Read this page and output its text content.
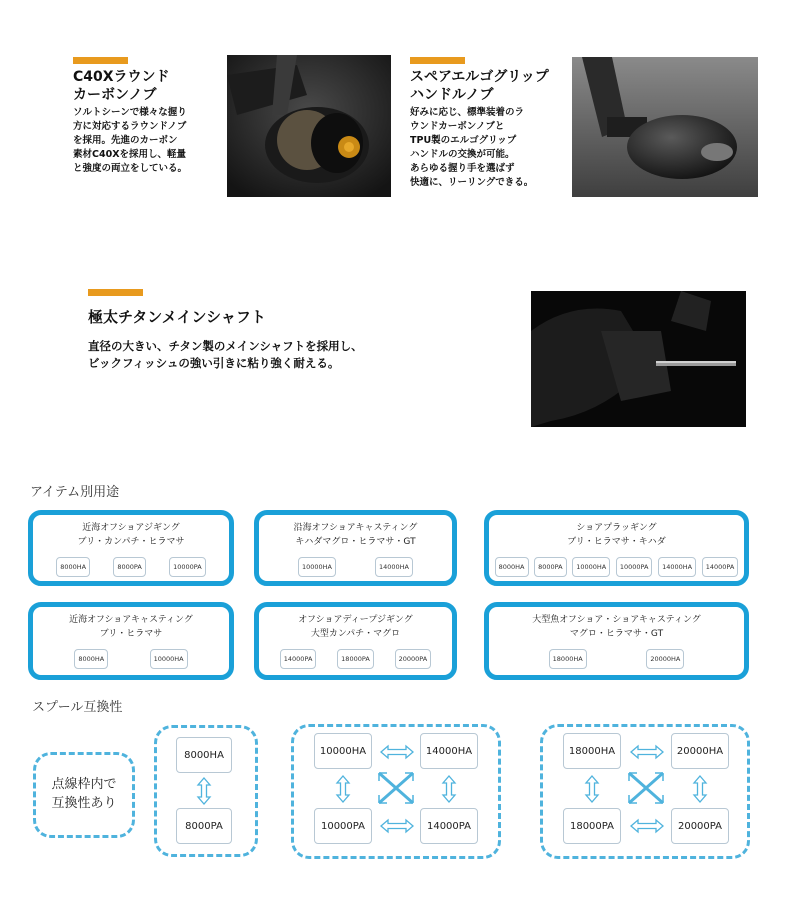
C40Xラウンド
カーボンノブ
ソルトシーンで様々な握り
方に対応するラウンドノブ
を採用。先進のカーボン
素材C40Xを採用し、軽量
と強度の両立をしている。
スペアエルゴグリップ
ハンドルノブ
好みに応じ、標準装着のラ
ウンドカーボンノブと
TPU製のエルゴグリップ
ハンドルの交換が可能。
あらゆる握り手を選ばず
快適に、リーリングできる。
極太チタンメインシャフト
直径の大きい、チタン製のメインシャフトを採用し、
ビックフィッシュの強い引きに粘り強く耐える。
アイテム別用途
近海オフショアジギング
ブリ・カンパチ・ヒラマサ
8000HA	8000PA	10000PA
沿海オフショアキャスティング
キハダマグロ・ヒラマサ・GT
10000HA	14000HA
ショアプラッギング
ブリ・ヒラマサ・キハダ
8000HA	8000PA	10000HA	10000PA	14000HA	14000PA
近海オフショアキャスティング
ブリ・ヒラマサ
8000HA	10000HA
オフショアディープジギング
大型カンパチ・マグロ
14000PA	18000PA	20000PA
大型魚オフショア・ショアキャスティング
マグロ・ヒラマサ・GT
18000HA	20000HA
スプール互換性
点線枠内で
互換性あり
8000HA
8000PA
10000HA	14000HA
10000PA	14000PA
18000HA	20000HA
18000PA	20000PA
